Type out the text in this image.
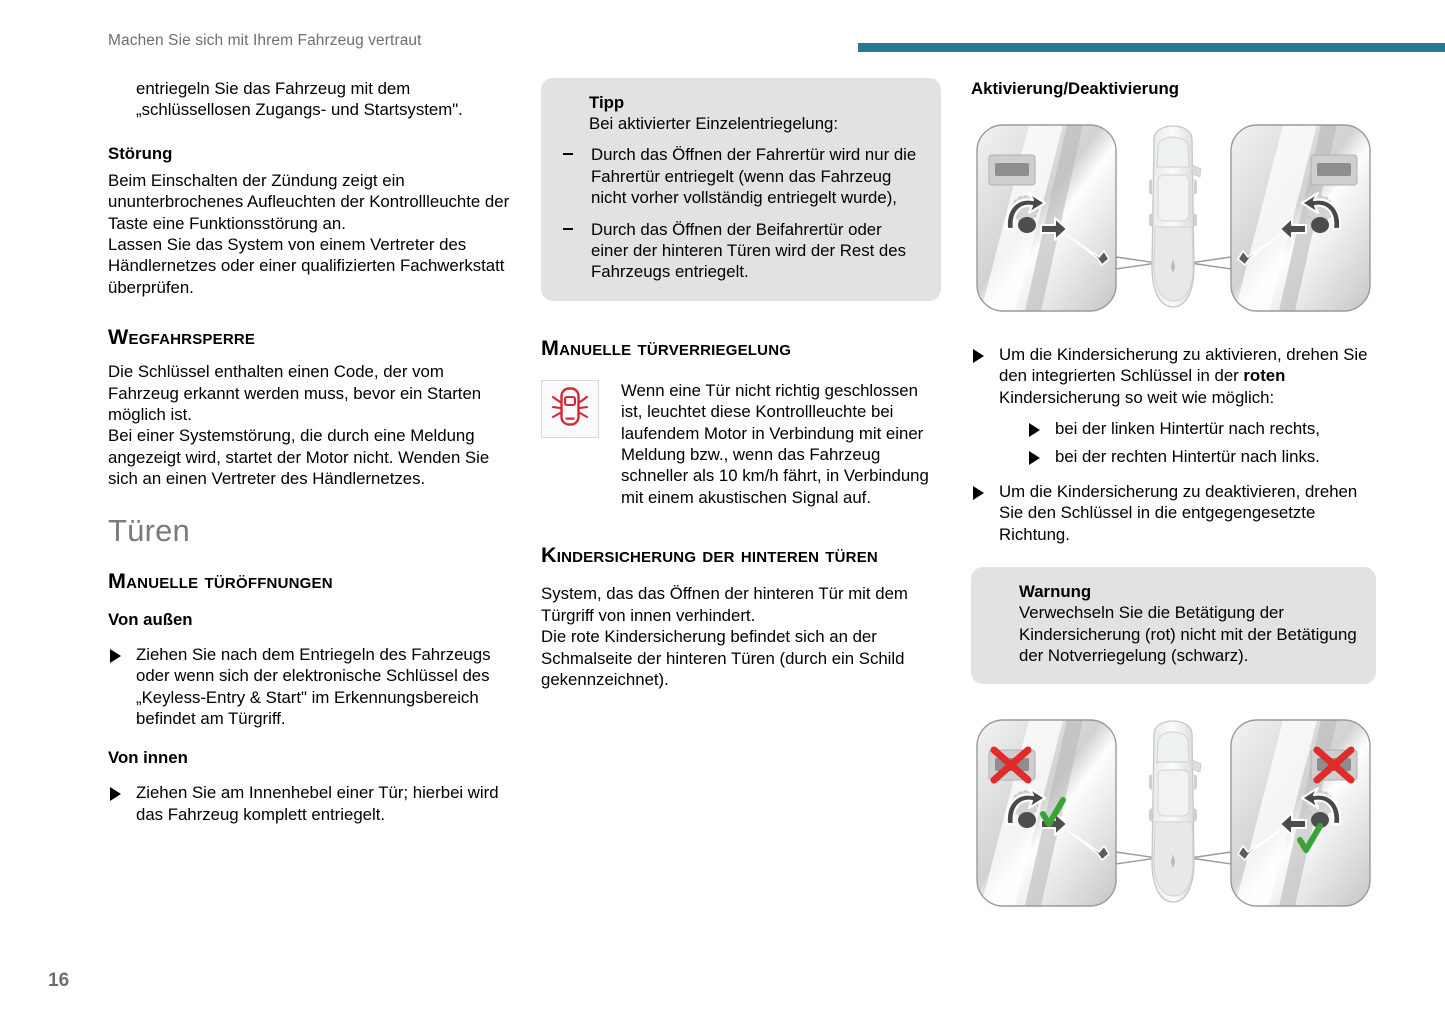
Machen Sie sich mit Ihrem Fahrzeug vertraut

entriegeln Sie das Fahrzeug mit dem „schlüssellosen Zugangs- und Startsystem".

Störung

Beim Einschalten der Zündung zeigt ein ununterbrochenes Aufleuchten der Kontrollleuchte der Taste eine Funktionsstörung an.

Lassen Sie das System von einem Vertreter des Händlernetzes oder einer qualifizierten Fachwerkstatt überprüfen.

Wegfahrsperre

Die Schlüssel enthalten einen Code, der vom Fahrzeug erkannt werden muss, bevor ein Starten möglich ist.

Bei einer Systemstörung, die durch eine Meldung angezeigt wird, startet der Motor nicht. Wenden Sie sich an einen Vertreter des Händlernetzes.

Türen
Manuelle türöffnungen
Von außen
Ziehen Sie nach dem Entriegeln des Fahrzeugs oder wenn sich der elektronische Schlüssel des „Keyless-Entry & Start" im Erkennungsbereich befindet am Türgriff.
Von innen
Ziehen Sie am Innenhebel einer Tür; hierbei wird das Fahrzeug komplett entriegelt.
Tipp
Bei aktivierter Einzelentriegelung:
Durch das Öffnen der Fahrertür wird nur die Fahrertür entriegelt (wenn das Fahrzeug nicht vorher vollständig entriegelt wurde),
Durch das Öffnen der Beifahrertür oder einer der hinteren Türen wird der Rest des Fahrzeugs entriegelt.
Manuelle türverriegelung
Wenn eine Tür nicht richtig geschlossen ist, leuchtet diese Kontrollleuchte bei laufendem Motor in Verbindung mit einer Meldung bzw., wenn das Fahrzeug schneller als 10 km/h fährt, in Verbindung mit einem akustischen Signal auf.
Kindersicherung der hinteren türen

System, das das Öffnen der hinteren Tür mit dem Türgriff von innen verhindert.

Die rote Kindersicherung befindet sich an der Schmalseite der hinteren Türen (durch ein Schild gekennzeichnet).

Aktivierung/Deaktivierung
Um die Kindersicherung zu aktivieren, drehen Sie den integrierten Schlüssel in der roten Kindersicherung so weit wie möglich:
bei der linken Hintertür nach rechts,
bei der rechten Hintertür nach links.
Um die Kindersicherung zu deaktivieren, drehen Sie den Schlüssel in die entgegengesetzte Richtung.
Warnung
Verwechseln Sie die Betätigung der Kindersicherung (rot) nicht mit der Betätigung der Notverriegelung (schwarz).
16
